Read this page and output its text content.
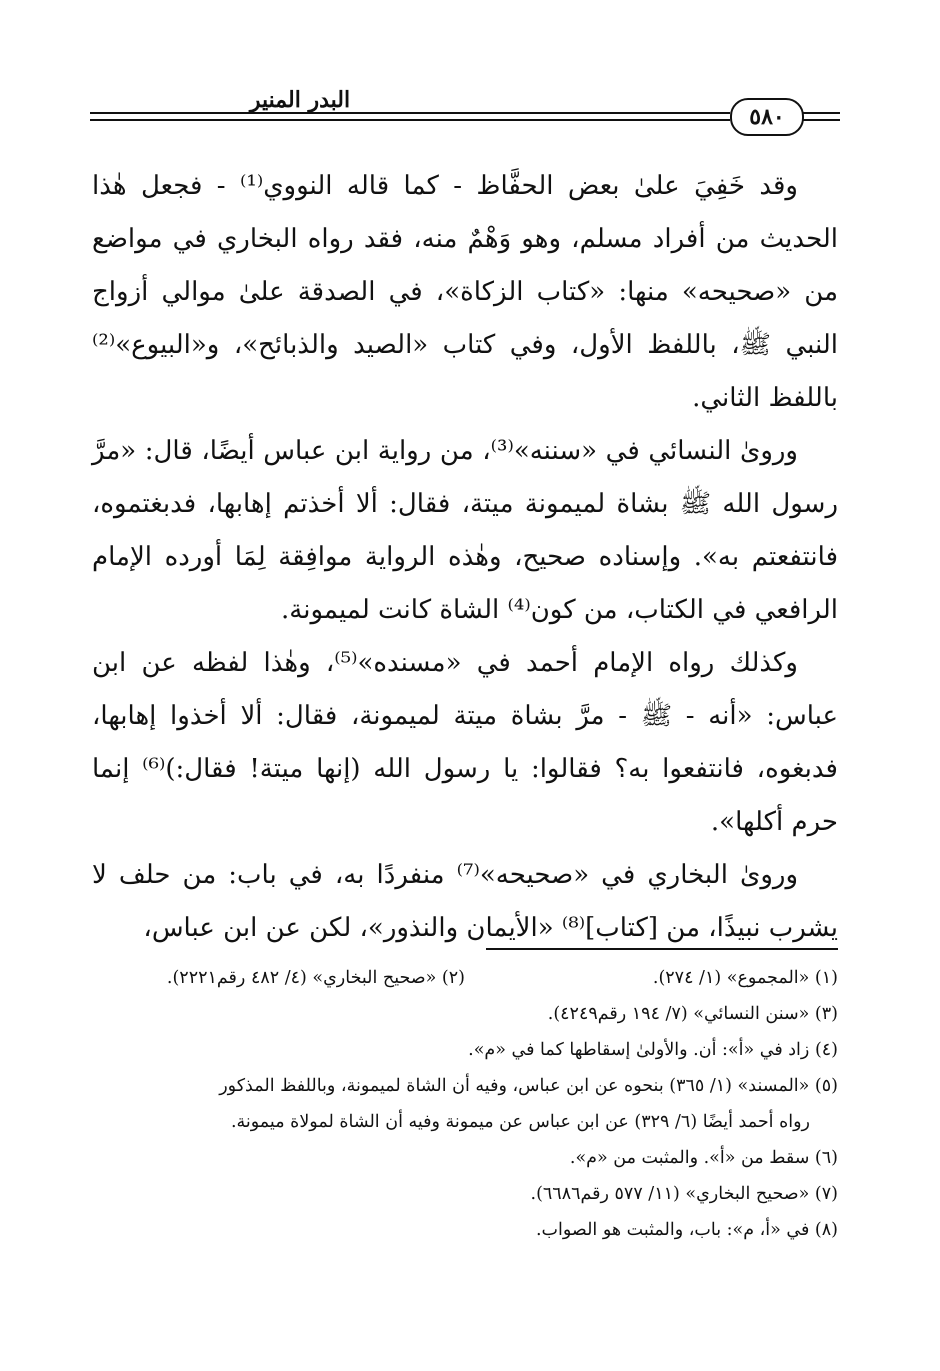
البدر المنير
٥٨٠

وقد خَفِيَ علىٰ بعض الحفَّاظ - كما قاله النووي⁽¹⁾ - فجعل هٰذا الحديث من أفراد مسلم، وهو وَهْمٌ منه، فقد رواه البخاري في مواضع من «صحيحه» منها: «كتاب الزكاة»، في الصدقة علىٰ موالي أزواج النبي ﷺ، باللفظ الأول، وفي كتاب «الصيد والذبائح»، و«البيوع»⁽²⁾ باللفظ الثاني.

وروىٰ النسائي في «سننه»⁽³⁾، من رواية ابن عباس أيضًا، قال: «مرَّ رسول الله ﷺ بشاة لميمونة ميتة، فقال: ألا أخذتم إهابها، فدبغتموه، فانتفعتم به». وإسناده صحيح، وهٰذه الرواية موافِقة لِمَا أورده الإمام الرافعي في الكتاب، من كون⁽⁴⁾ الشاة كانت لميمونة.

وكذلك رواه الإمام أحمد في «مسنده»⁽⁵⁾، وهٰذا لفظه عن ابن عباس: «أنه - ﷺ - مرَّ بشاة ميتة لميمونة، فقال: ألا أخذوا إهابها، فدبغوه، فانتفعوا به؟ فقالوا: يا رسول الله (إنها ميتة! فقال:)⁽⁶⁾ إنما حرم أكلها».

وروىٰ البخاري في «صحيحه»⁽⁷⁾ منفردًا به، في باب: من حلف لا يشرب نبيذًا، من [كتاب]⁽⁸⁾ «الأيمان والنذور»، لكن عن ابن عباس،

(١) «المجموع» (١/ ٢٧٤).
(٢) «صحيح البخاري» (٤/ ٤٨٢ رقم٢٢٢١).
(٣) «سنن النسائي» (٧/ ١٩٤ رقم٤٢٤٩).
(٤) زاد في «أ»: أن. والأولىٰ إسقاطها كما في «م».
(٥) «المسند» (١/ ٣٦٥) بنحوه عن ابن عباس، وفيه أن الشاة لميمونة، وباللفظ المذكور
رواه أحمد أيضًا (٦/ ٣٢٩) عن ابن عباس عن ميمونة وفيه أن الشاة لمولاة ميمونة.
(٦) سقط من «أ». والمثبت من «م».
(٧) «صحيح البخاري» (١١/ ٥٧٧ رقم٦٦٨٦).
(٨) في «أ، م»: باب، والمثبت هو الصواب.
